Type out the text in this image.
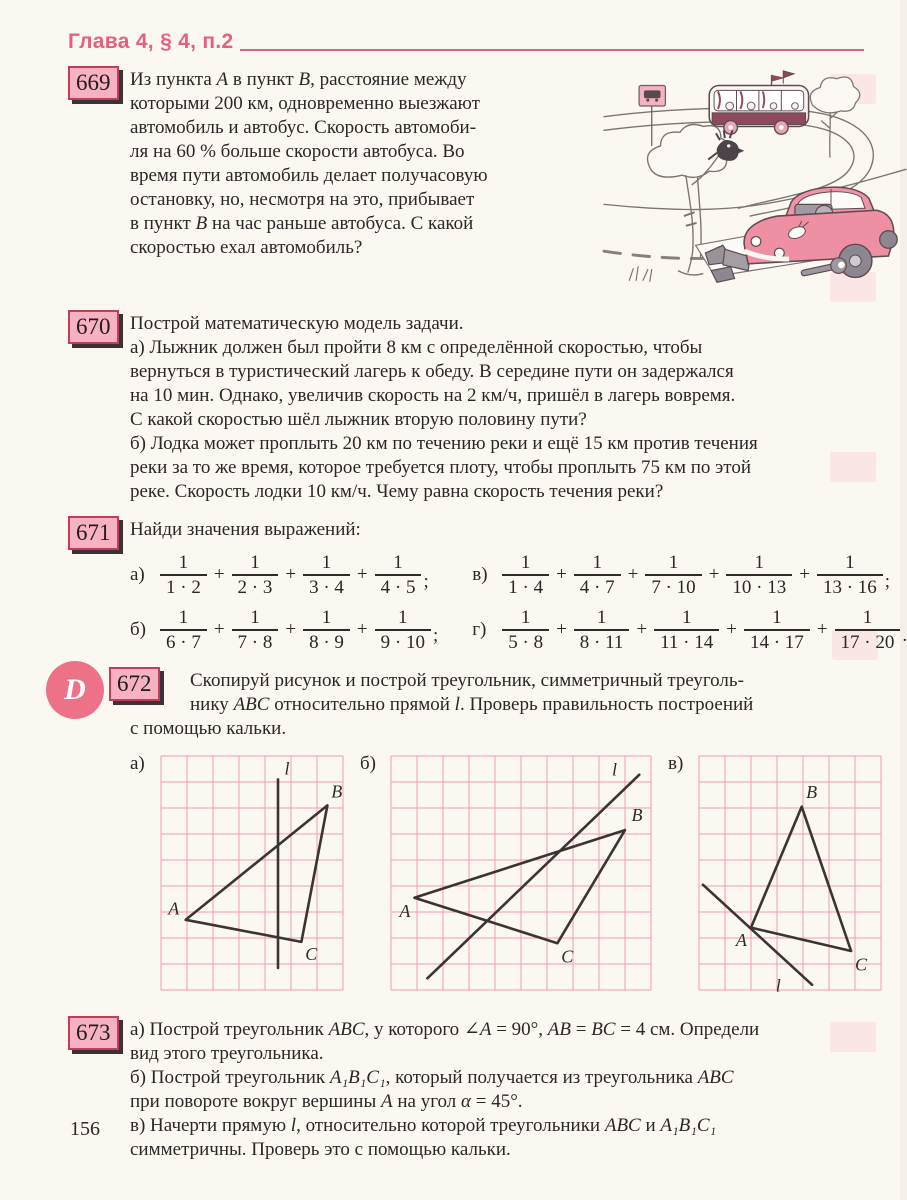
Глава 4, § 4, п.2
669	Из пункта A в пункт B, расстояние между
которыми 200 км, одновременно выезжают
автомобиль и автобус. Скорость автомоби-
ля на 60 % больше скорости автобуса. Во
время пути автомобиль делает получасовую
остановку, но, несмотря на это, прибывает
в пункт B на час раньше автобуса. С какой
скоростью ехал автомобиль?
670	Построй математическую модель задачи.
а) Лыжник должен был пройти 8 км с определённой скоростью, чтобы
вернуться в туристический лагерь к обеду. В середине пути он задержался
на 10 мин. Однако, увеличив скорость на 2 км/ч, пришёл в лагерь вовремя.
С какой скоростью шёл лыжник вторую половину пути?
б) Лодка может проплыть 20 км по течению реки и ещё 15 км против течения
реки за то же время, которое требуется плоту, чтобы проплыть 75 км по этой
реке. Скорость лодки 10 км/ч. Чему равна скорость течения реки?
671	Найди значения выражений:
$а) \frac{1}{1 \cdot 2} + \frac{1}{2 \cdot 3} + \frac{1}{3 \cdot 4} + \frac{1}{4 \cdot 5}$ ;
$б) \frac{1}{6 \cdot 7} + \frac{1}{7 \cdot 8} + \frac{1}{8 \cdot 9} + \frac{1}{9 \cdot 10}$ ;
$в) \frac{1}{1 \cdot 4} + \frac{1}{4 \cdot 7} + \frac{1}{7 \cdot 10} + \frac{1}{10 \cdot 13} + \frac{1}{13 \cdot 16}$ ;
$г) \frac{1}{5 \cdot 8} + \frac{1}{8 \cdot 11} + \frac{1}{11 \cdot 14} + \frac{1}{14 \cdot 17} + \frac{1}{17 \cdot 20}$ .
D	672	Скопируй рисунок и построй треугольник, симметричный треуголь-
нику ABC относительно прямой l. Проверь правильность построений
с помощью кальки.
а)
A
B
C
l	б)
A
B
C
l	в)
A
B
C
l
673	а) Построй треугольник ABC, у которого ∠A = 90°, AB = BC = 4 см. Определи
вид этого треугольника.
б) Построй треугольник A₁B₁C₁, который получается из треугольника ABC
при повороте вокруг вершины A на угол α = 45°.
в) Начерти прямую l, относительно которой треугольники ABC и A₁B₁C₁
симметричны. Проверь это с помощью кальки.
156
